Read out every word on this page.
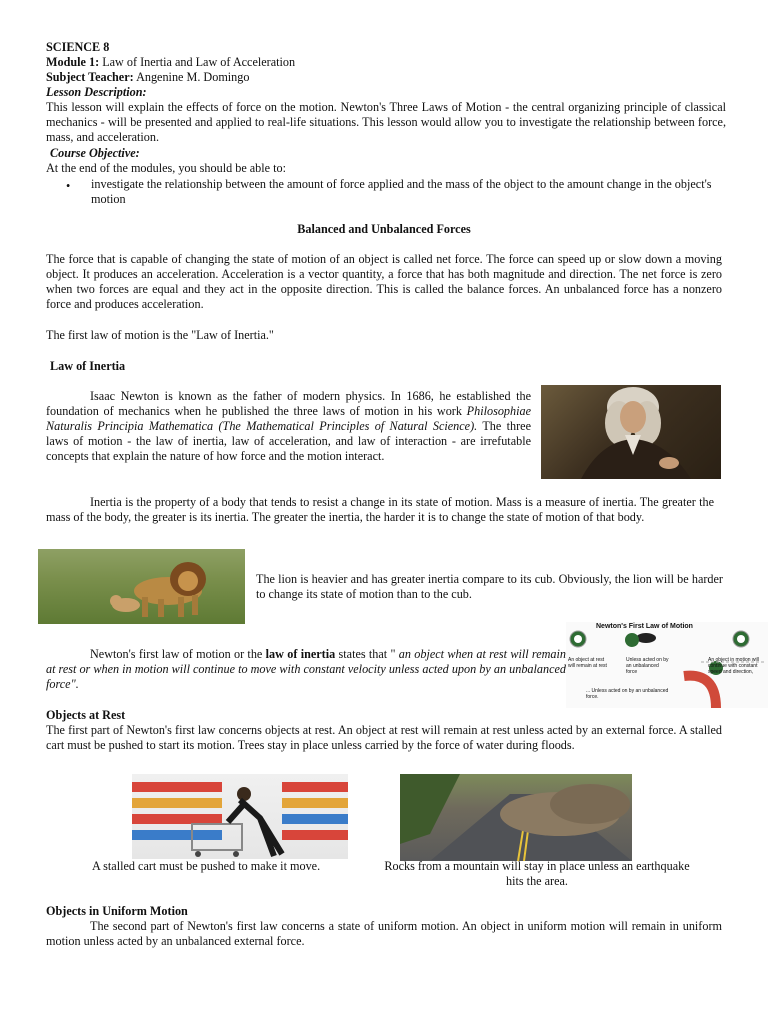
SCIENCE 8
Module 1: Law of Inertia and Law of Acceleration
Subject Teacher: Angenine M. Domingo
Lesson Description:

This lesson will explain the effects of force on the motion. Newton's Three Laws of Motion - the central organizing principle of classical mechanics - will be presented and applied to real-life situations. This lesson would allow you to investigate the relationship between force, mass, and acceleration.

Course Objective:
At the end of the modules, you should be able to:
• investigate the relationship between the amount of force applied and the mass of the object to the amount change in the object's motion

Balanced and Unbalanced Forces

The force that is capable of changing the state of motion of an object is called net force. The force can speed up or slow down a moving object. It produces an acceleration. Acceleration is a vector quantity, a force that has both magnitude and direction. The net force is zero when two forces are equal and they act in the opposite direction. This is called the balance forces. An unbalanced force has a nonzero force and produces acceleration.

The first law of motion is the "Law of Inertia."
Law of Inertia

Isaac Newton is known as the father of modern physics. In 1686, he established the foundation of mechanics when he published the three laws of motion in his work Philosophiae Naturalis Principia Mathematica (The Mathematical Principles of Natural Science). The three laws of motion - the law of inertia, law of acceleration, and law of interaction - are irrefutable concepts that explain the nature of how force and the motion interact.

Inertia is the property of a body that tends to resist a change in its state of motion. Mass is a measure of inertia. The greater the mass of the body, the greater is its inertia. The greater the inertia, the harder it is to change the state of motion of that body.

The lion is heavier and has greater inertia compare to its cub. Obviously, the lion will be harder to change its state of motion than to the cub.

Newton's first law of motion or the law of inertia states that " an object when at rest will remain at rest or when in motion will continue to move with constant velocity unless acted upon by an unbalanced force".

Newton's First Law of Motion
An object at rest will remain at rest
Unless acted on by an unbalanced force
An object in motion will continue with constant speed and direction,
... Unless acted on by an unbalanced force.
Objects at Rest

The first part of Newton's first law concerns objects at rest. An object at rest will remain at rest unless acted by an external force. A stalled cart must be pushed to start its motion. Trees stay in place unless carried by the force of water during floods.

A stalled cart must be pushed to make it move.	Rocks from a mountain will stay in place unless an earthquake hits the area.
Objects in Uniform Motion

The second part of Newton's first law concerns a state of uniform motion. An object in uniform motion will remain in uniform motion unless acted by an unbalanced external force.
